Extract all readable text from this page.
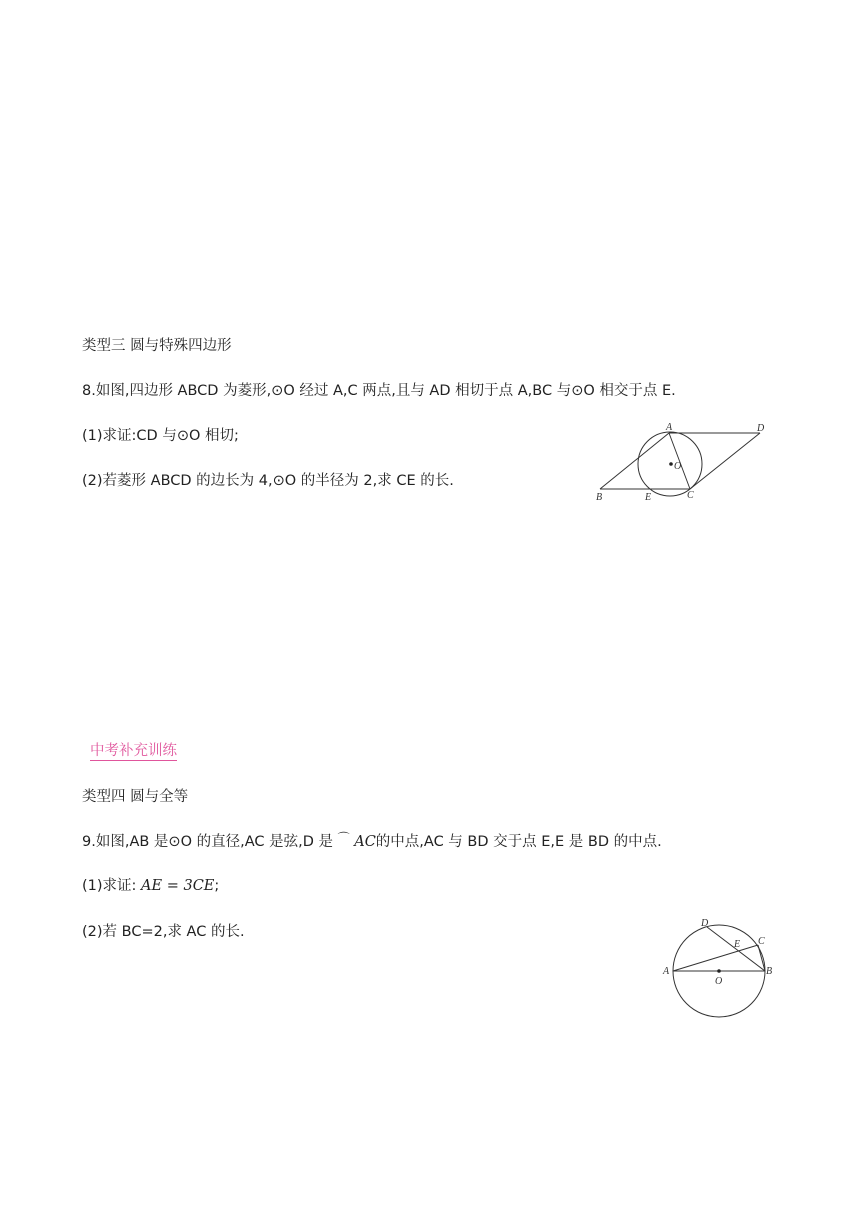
类型三 圆与特殊四边形
8.如图,四边形 ABCD 为菱形,⊙O 经过 A,C 两点,且与 AD 相切于点 A,BC 与⊙O 相交于点 E.
(1)求证:CD 与⊙O 相切;
(2)若菱形 ABCD 的边长为 4,⊙O 的半径为 2,求 CE 的长.
A	D
O
B	E	C
中考补充训练
类型四 圆与全等
9.如图,AB 是⊙O 的直径,AC 是弦,D 是 ⌒ AC的中点,AC 与 BD 交于点 E,E 是 BD 的中点.
(1)求证: AE = 3CE;
(2)若 BC=2,求 AC 的长.
D
C
E
A	B
O
